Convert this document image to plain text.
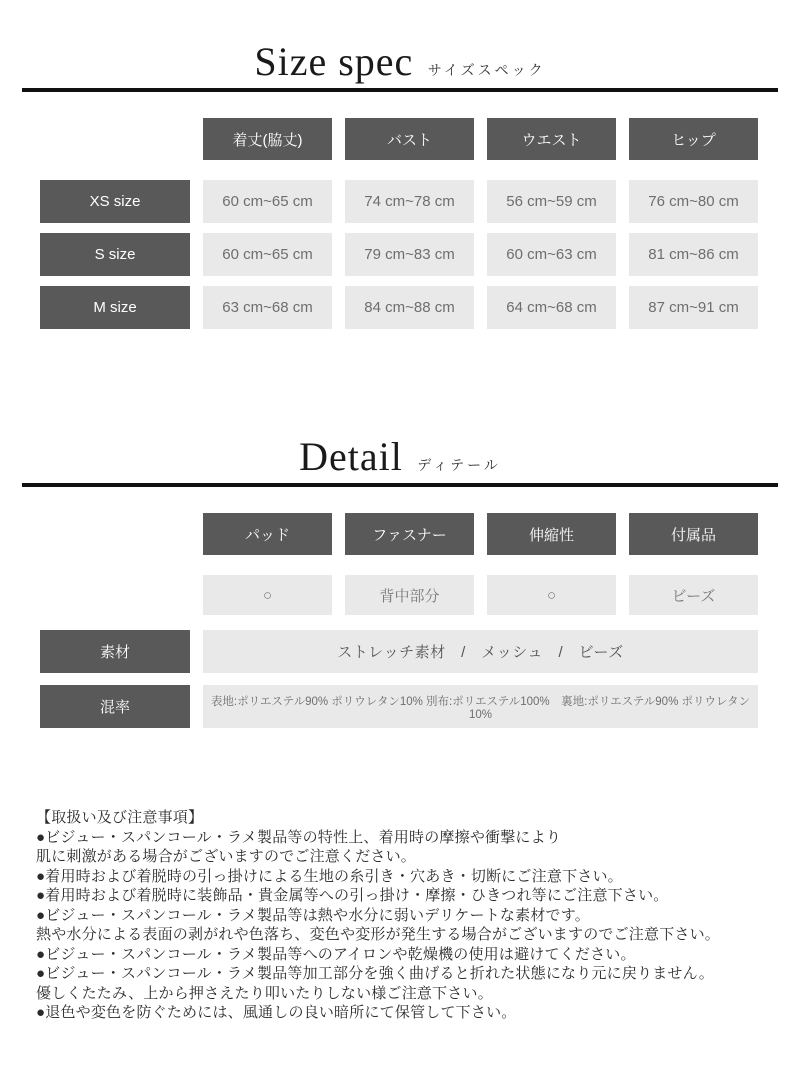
Size spec サイズスペック
着丈(脇丈)	バスト	ウエスト	ヒップ
XS size	60 cm~65 cm	74 cm~78 cm	56 cm~59 cm	76 cm~80 cm
S size	60 cm~65 cm	79 cm~83 cm	60 cm~63 cm	81 cm~86 cm
M size	63 cm~68 cm	84 cm~88 cm	64 cm~68 cm	87 cm~91 cm
Detail ディテール
パッド	ファスナー	伸縮性	付属品
○	背中部分	○	ビーズ
素材	ストレッチ素材　/　メッシュ　/　ビーズ
混率	表地:ポリエステル90% ポリウレタン10% 別布:ポリエステル100%　裏地:ポリエステル90% ポリウレタン10%
【取扱い及び注意事項】
●ビジュー・スパンコール・ラメ製品等の特性上、着用時の摩擦や衝撃により
肌に刺激がある場合がございますのでご注意ください。
●着用時および着脱時の引っ掛けによる生地の糸引き・穴あき・切断にご注意下さい。
●着用時および着脱時に装飾品・貴金属等への引っ掛け・摩擦・ひきつれ等にご注意下さい。
●ビジュー・スパンコール・ラメ製品等は熱や水分に弱いデリケートな素材です。
熱や水分による表面の剥がれや色落ち、変色や変形が発生する場合がございますのでご注意下さい。
●ビジュー・スパンコール・ラメ製品等へのアイロンや乾燥機の使用は避けてください。
●ビジュー・スパンコール・ラメ製品等加工部分を強く曲げると折れた状態になり元に戻りません。
優しくたたみ、上から押さえたり叩いたりしない様ご注意下さい。
●退色や変色を防ぐためには、風通しの良い暗所にて保管して下さい。
